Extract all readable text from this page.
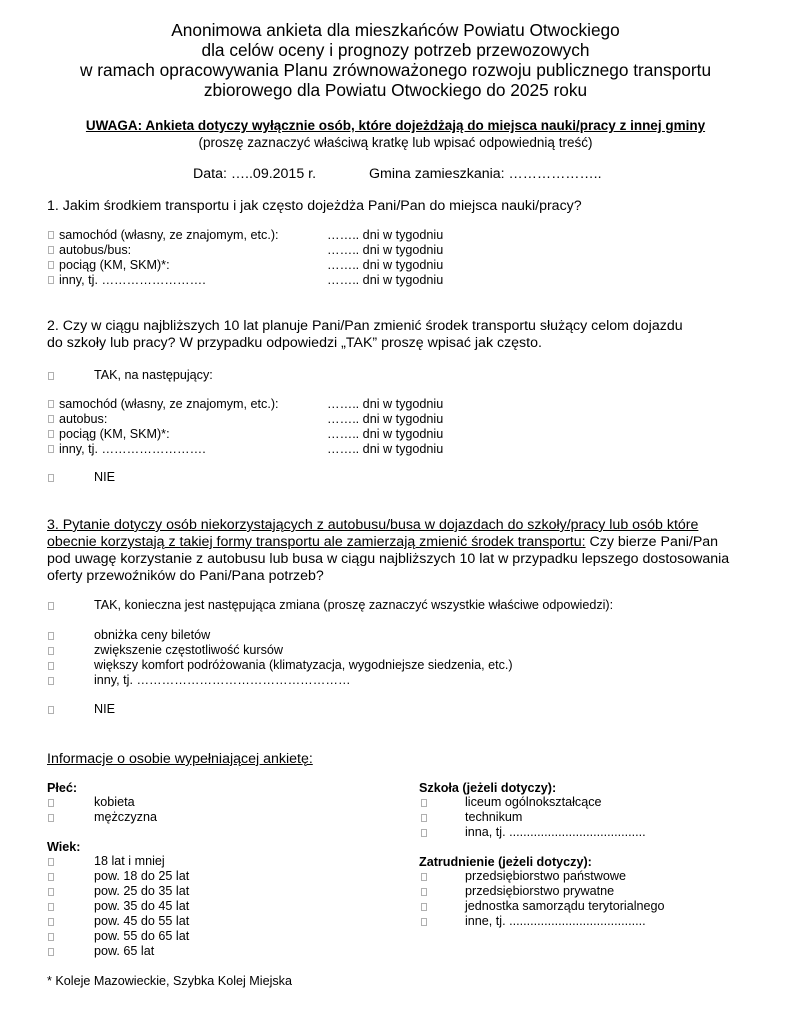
Anonimowa ankieta dla mieszkańców Powiatu Otwockiego
dla celów oceny i prognozy potrzeb przewozowych
w ramach opracowywania Planu zrównoważonego rozwoju publicznego transportu
zbiorowego dla Powiatu Otwockiego do 2025 roku
UWAGA: Ankieta dotyczy wyłącznie osób, które dojeżdżają do miejsca nauki/pracy z innej gminy
(proszę zaznaczyć właściwą kratkę lub wpisać odpowiednią treść)
Data: …..09.2015 r.	Gmina zamieszkania: ………………..
1. Jakim środkiem transportu i jak często dojeżdża Pani/Pan do miejsca nauki/pracy?
samochód (własny, ze znajomym, etc.):	…….. dni w tygodniu
autobus/bus:	…….. dni w tygodniu
pociąg (KM, SKM)*:	…….. dni w tygodniu
inny, tj. …………………….	…….. dni w tygodniu
2. Czy w ciągu najbliższych 10 lat planuje Pani/Pan zmienić środek transportu służący celom dojazdu
do szkoły lub pracy? W przypadku odpowiedzi „TAK” proszę wpisać jak często.
TAK, na następujący:
samochód (własny, ze znajomym, etc.):	…….. dni w tygodniu
autobus:	…….. dni w tygodniu
pociąg (KM, SKM)*:	…….. dni w tygodniu
inny, tj. …………………….	…….. dni w tygodniu
NIE
3. Pytanie dotyczy osób niekorzystających z autobusu/busa w dojazdach do szkoły/pracy lub osób które
obecnie korzystają z takiej formy transportu ale zamierzają zmienić środek transportu: Czy bierze Pani/Pan
pod uwagę korzystanie z autobusu lub busa w ciągu najbliższych 10 lat w przypadku lepszego dostosowania
oferty przewoźników do Pani/Pana potrzeb?
TAK, konieczna jest następująca zmiana (proszę zaznaczyć wszystkie właściwe odpowiedzi):
obniżka ceny biletów
zwiększenie częstotliwość kursów
większy komfort podróżowania (klimatyzacja, wygodniejsze siedzenia, etc.)
inny, tj. ……………………………………………
NIE
Informacje o osobie wypełniającej ankietę:
Płeć:
kobieta
mężczyzna
Wiek:
18 lat i mniej
pow. 18 do 25 lat
pow. 25 do 35 lat
pow. 35 do 45 lat
pow. 45 do 55 lat
pow. 55 do 65 lat
pow. 65 lat
Szkoła (jeżeli dotyczy):
liceum ogólnokształcące
technikum
inna, tj. .......................................
Zatrudnienie (jeżeli dotyczy):
przedsiębiorstwo państwowe
przedsiębiorstwo prywatne
jednostka samorządu terytorialnego
inne, tj. .......................................
* Koleje Mazowieckie, Szybka Kolej Miejska
